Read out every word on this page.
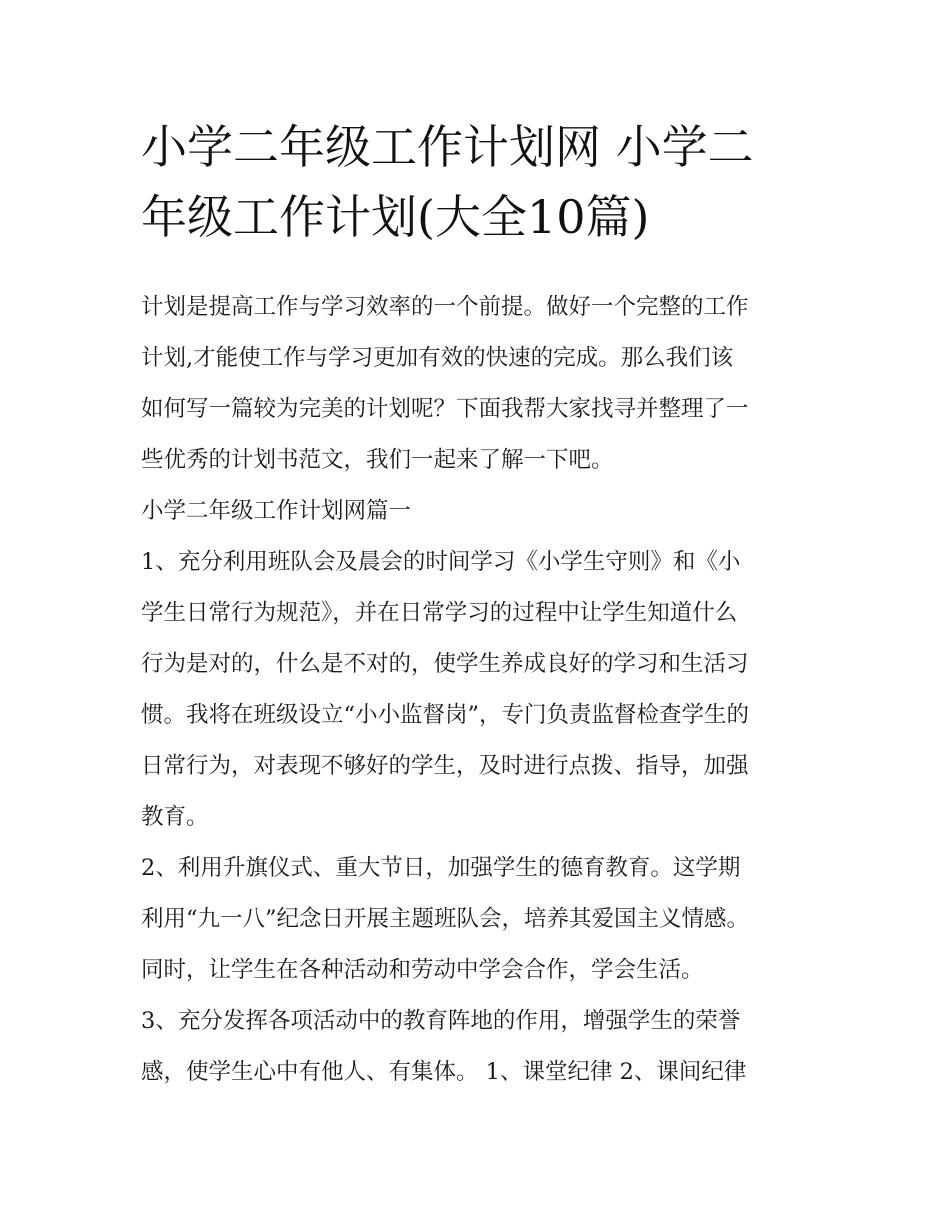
小学二年级工作计划网 小学二
年级工作计划(大全10篇)

计划是提高工作与学习效率的一个前提。做好一个完整的工作
计划,才能使工作与学习更加有效的快速的完成。那么我们该
如何写一篇较为完美的计划呢？下面我帮大家找寻并整理了一
些优秀的计划书范文，我们一起来了解一下吧。

小学二年级工作计划网篇一

1、充分利用班队会及晨会的时间学习《小学生守则》和《小
学生日常行为规范》，并在日常学习的过程中让学生知道什么
行为是对的，什么是不对的，使学生养成良好的学习和生活习
惯。我将在班级设立“小小监督岗”，专门负责监督检查学生的
日常行为，对表现不够好的学生，及时进行点拨、指导，加强
教育。

2、利用升旗仪式、重大节日，加强学生的德育教育。这学期
利用“九一八”纪念日开展主题班队会，培养其爱国主义情感。
同时，让学生在各种活动和劳动中学会合作，学会生活。

3、充分发挥各项活动中的教育阵地的作用，增强学生的荣誉
感，使学生心中有他人、有集体。 1、课堂纪律 2、课间纪律
